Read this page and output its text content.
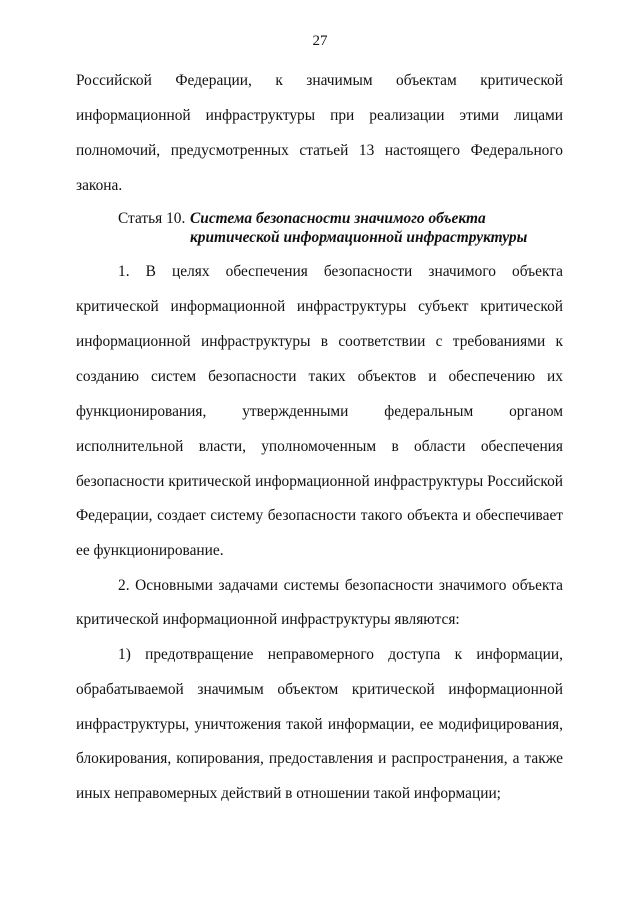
27
Российской Федерации, к значимым объектам критической
информационной инфраструктуры при реализации этими лицами
полномочий, предусмотренных статьей 13 настоящего Федерального
закона.
Статья 10. Система безопасности значимого объекта
критической информационной инфраструктуры
1. В целях обеспечения безопасности значимого объекта
критической информационной инфраструктуры субъект критической
информационной инфраструктуры в соответствии с требованиями к
созданию систем безопасности таких объектов и обеспечению их
функционирования, утвержденными федеральным органом
исполнительной власти, уполномоченным в области обеспечения
безопасности критической информационной инфраструктуры Российской
Федерации, создает систему безопасности такого объекта и обеспечивает
ее функционирование.
2. Основными задачами системы безопасности значимого объекта
критической информационной инфраструктуры являются:
1) предотвращение неправомерного доступа к информации,
обрабатываемой значимым объектом критической информационной
инфраструктуры, уничтожения такой информации, ее модифицирования,
блокирования, копирования, предоставления и распространения, а также
иных неправомерных действий в отношении такой информации;
